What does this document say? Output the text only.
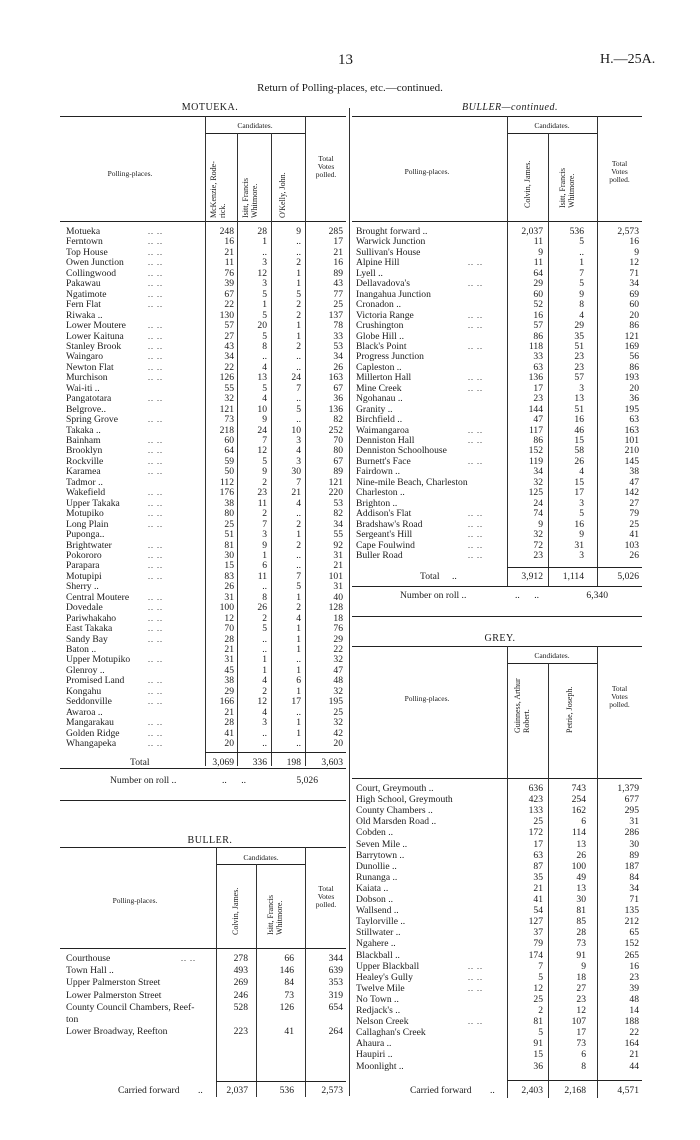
13	H.—25A.
Return of Polling-places, etc.—continued.
MOTUEKA.
Candidates.
Polling-places.
McKenzie, Rode-
rick. Isitt, Francis
Whitmore. O'Kelly, John.
Total
Votes
polled.
Motueka	.. ..	248	28	9	285
Ferntown	.. ..	16	1	..	17
Top House	.. ..	21	..	..	21
Owen Junction	.. ..	11	3	2	16
Collingwood	.. ..	76	12	1	89
Pakawau	.. ..	39	3	1	43
Ngatimote	.. ..	67	5	5	77
Fern Flat	.. ..	22	1	2	25
Riwaka ..	130	5	2	137
Lower Moutere	.. ..	57	20	1	78
Lower Kaituna	.. ..	27	5	1	33
Stanley Brook	.. ..	43	8	2	53
Waingaro	.. ..	34	..	..	34
Newton Flat	.. ..	22	4	..	26
Murchison	.. ..	126	13	24	163
Wai-iti ..	55	5	7	67
Pangatotara	.. ..	32	4	..	36
Belgrove..	121	10	5	136
Spring Grove	.. ..	73	9	..	82
Takaka ..	218	24	10	252
Bainham	.. ..	60	7	3	70
Brooklyn	.. ..	64	12	4	80
Rockville	.. ..	59	5	3	67
Karamea	.. ..	50	9	30	89
Tadmor ..	112	2	7	121
Wakefield	.. ..	176	23	21	220
Upper Takaka	.. ..	38	11	4	53
Motupiko	.. ..	80	2	..	82
Long Plain	.. ..	25	7	2	34
Puponga..	51	3	1	55
Brightwater	.. ..	81	9	2	92
Pokororo	.. ..	30	1	..	31
Parapara	.. ..	15	6	..	21
Motupipi	.. ..	83	11	7	101
Sherry ..	26	..	5	31
Central Moutere .. ..	31	8	1	40
Dovedale	.. ..	100	26	2	128
Pariwhakaho	.. ..	12	2	4	18
East Takaka	.. ..	70	5	1	76
Sandy Bay	.. ..	28	..	1	29
Baton ..	21	..	1	22
Upper Motupiko .. ..	31	1	..	32
Glenroy ..	45	1	1	47
Promised Land	.. ..	38	4	6	48
Kongahu	.. ..	29	2	1	32
Seddonville	.. ..	166	12	17	195
Awaroa ..	21	4	..	25
Mangarakau	.. ..	28	3	1	32
Golden Ridge	.. ..	41	..	1	42
Whangapeka	.. ..	20	..	..	20
Total	3,069	336	198	3,603
Number on roll ..	..      ..	5,026
BULLER.
Candidates.
Polling-places.	Colvin, James.	Isitt, Francis
Whitmore.
Total
Votes
polled.
Courthouse	.. ..	278	66	344
Town Hall ..	493	146	639
Upper Palmerston Street	269	84	353
Lower Palmerston Street	246	73	319
County Council Chambers, Reef-	528	126	654
ton
Lower Broadway, Reefton	223	41	264
Carried forward ..	2,037	536	2,573
BULLER—continued.
Candidates.
Polling-places.	Colvin, James.	Isitt, Francis
Whitmore.
Total
Votes
polled.
Brought forward ..	2,037	536	2,573
Warwick Junction	11	5	16
Sullivan's House	9	..	9
Alpine Hill	.. ..	11	1	12
Lyell ..	64	7	71
Dellavadova's	.. ..	29	5	34
Inangahua Junction	60	9	69
Cronadon ..	52	8	60
Victoria Range	.. ..	16	4	20
Crushington	.. ..	57	29	86
Globe Hill ..	86	35	121
Black's Point	.. ..	118	51	169
Progress Junction	33	23	56
Capleston ..	63	23	86
Millerton Hall	.. ..	136	57	193
Mine Creek	.. ..	17	3	20
Ngohanau ..	23	13	36
Granity ..	144	51	195
Birchfield ..	47	16	63
Waimangaroa	.. ..	117	46	163
Denniston Hall	.. ..	86	15	101
Denniston Schoolhouse	152	58	210
Burnett's Face	.. ..	119	26	145
Fairdown ..	34	4	38
Nine-mile Beach, Charleston	32	15	47
Charleston ..	125	17	142
Brighton ..	24	3	27
Addison's Flat	.. ..	74	5	79
Bradshaw's Road	.. ..	9	16	25
Sergeant's Hill	.. ..	32	9	41
Cape Foulwind	.. ..	72	31	103
Buller Road	.. ..	23	3	26
Total ..	3,912	1,114	5,026
Number on roll ..	..      ..	6,340
GREY.
Candidates.
Polling-places.
Guinness, Arthur
Robert.	Petrie, Joseph.	Total
Votes
polled.
Court, Greymouth ..	636	743	1,379
High School, Greymouth	423	254	677
County Chambers ..	133	162	295
Old Marsden Road ..	25	6	31
Cobden ..	172	114	286
Seven Mile ..	17	13	30
Barrytown ..	63	26	89
Dunollie ..	87	100	187
Runanga ..	35	49	84
Kaiata ..	21	13	34
Dobson ..	41	30	71
Wallsend ..	54	81	135
Taylorville ..	127	85	212
Stillwater ..	37	28	65
Ngahere ..	79	73	152
Blackball ..	174	91	265
Upper Blackball	.. ..	7	9	16
Healey's Gully	.. ..	5	18	23
Twelve Mile	.. ..	12	27	39
No Town ..	25	23	48
Redjack's ..	2	12	14
Nelson Creek	.. ..	81	107	188
Callaghan's Creek	5	17	22
Ahaura ..	91	73	164
Haupiri ..	15	6	21
Moonlight ..	36	8	44
Carried forward ..	2,403	2,168	4,571
